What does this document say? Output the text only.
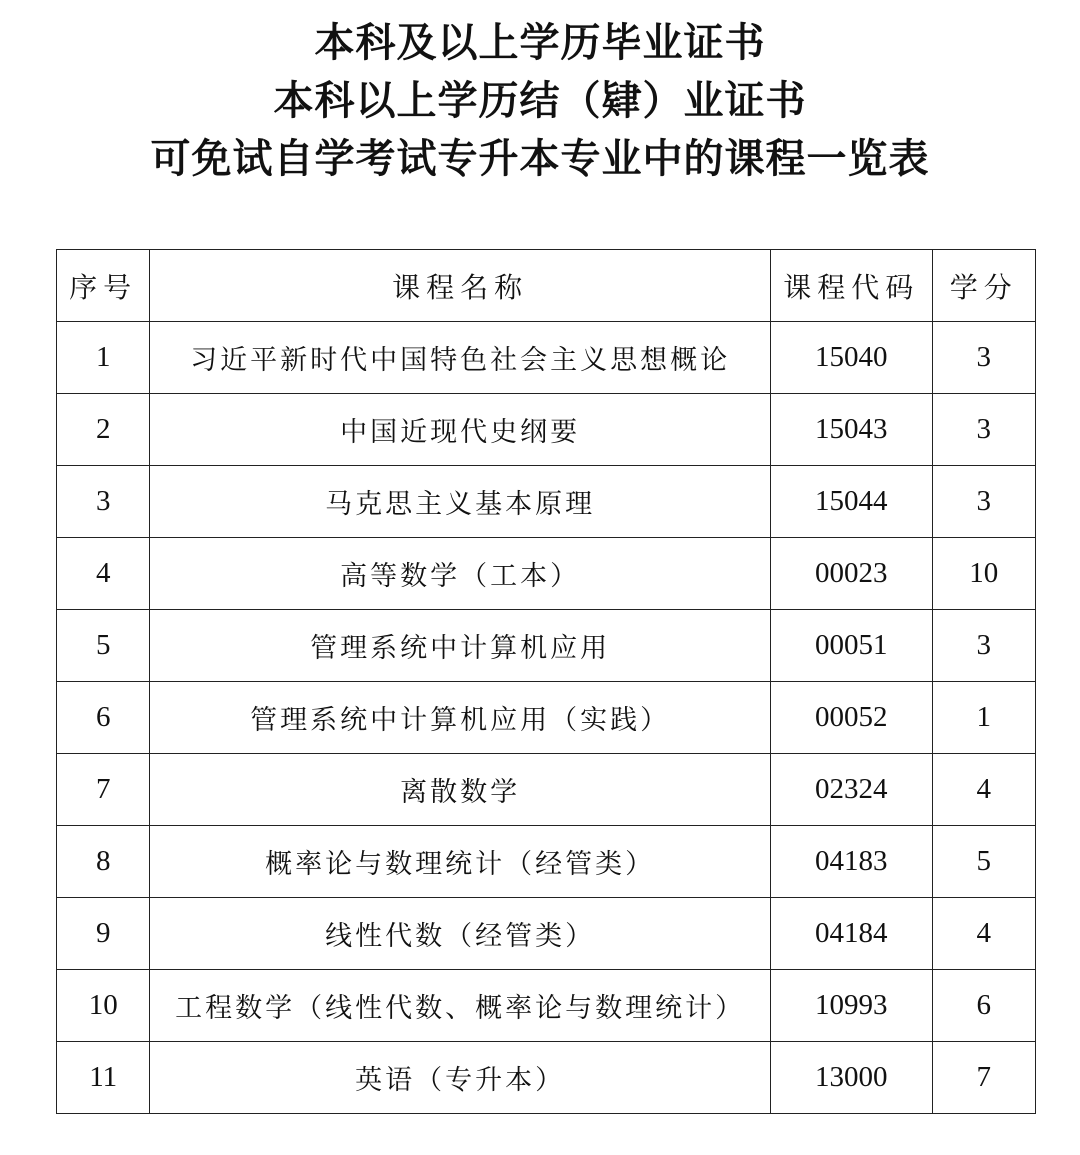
本科及以上学历毕业证书
本科以上学历结（肄）业证书
可免试自学考试专升本专业中的课程一览表
序号	课程名称	课程代码	学分
1	习近平新时代中国特色社会主义思想概论	15040	3
2	中国近现代史纲要	15043	3
3	马克思主义基本原理	15044	3
4	高等数学（工本）	00023	10
5	管理系统中计算机应用	00051	3
6	管理系统中计算机应用（实践）	00052	1
7	离散数学	02324	4
8	概率论与数理统计（经管类）	04183	5
9	线性代数（经管类）	04184	4
10	工程数学（线性代数、概率论与数理统计）	10993	6
11	英语（专升本）	13000	7
